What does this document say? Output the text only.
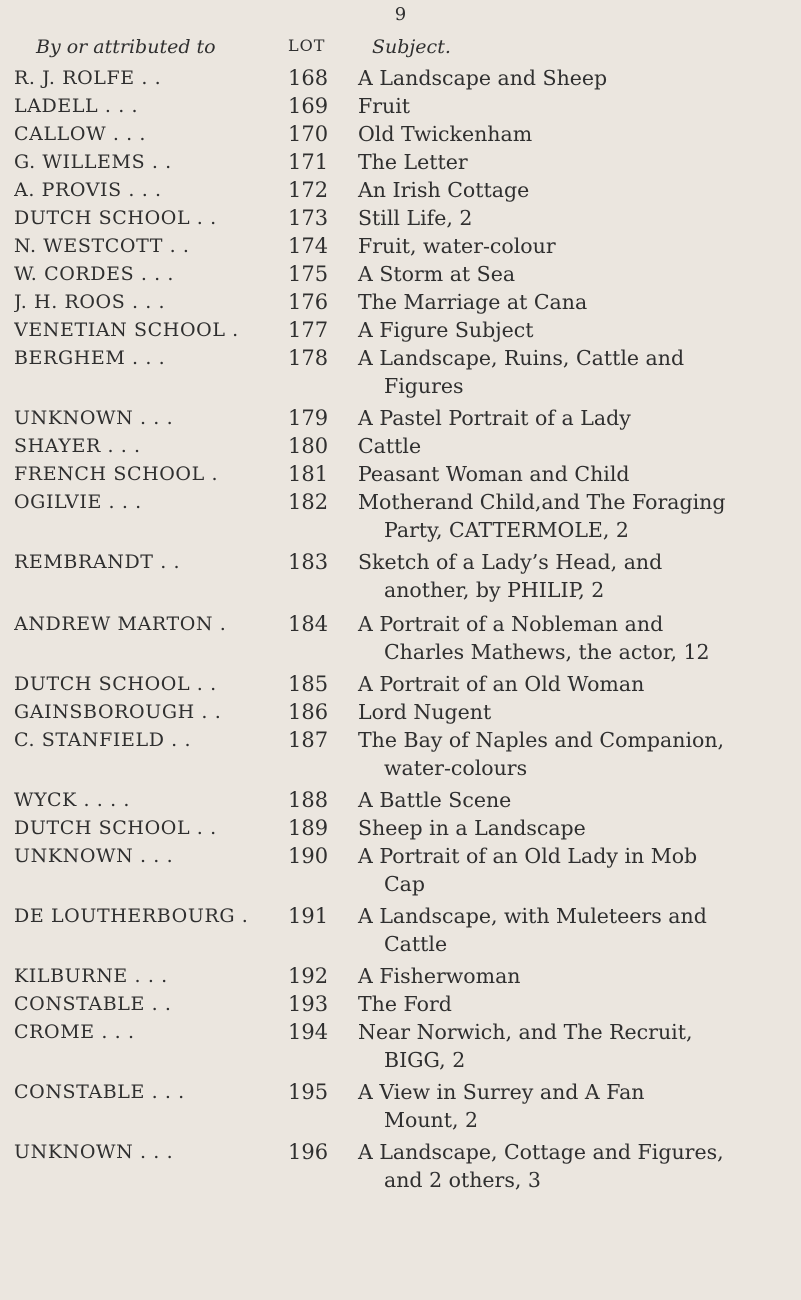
9
By or attributed to	LOT Subject.
R. J. ROLFE . .	168 A Landscape and Sheep
LADELL . . .	169 Fruit
CALLOW . . .	170 Old Twickenham
G. WILLEMS . .	171 The Letter
A. PROVIS . . .	172 An Irish Cottage
DUTCH SCHOOL . .	173 Still Life, 2
N. WESTCOTT . .	174 Fruit, water-colour
W. CORDES . . .	175 A Storm at Sea
J. H. ROOS . . .	176 The Marriage at Cana
VENETIAN SCHOOL .	177 A Figure Subject
BERGHEM . . .	178 A Landscape, Ruins, Cattle and
Figures
UNKNOWN . . .	179 A Pastel Portrait of a Lady
SHAYER . . .	180 Cattle
FRENCH SCHOOL .	181 Peasant Woman and Child
OGILVIE . . .	182 Motherand Child,and The Foraging
Party, CATTERMOLE, 2
REMBRANDT . .	183 Sketch of a Lady’s Head, and
another, by PHILIP, 2
ANDREW MARTON .	184 A Portrait of a Nobleman and
Charles Mathews, the actor, 12
DUTCH SCHOOL . .	185 A Portrait of an Old Woman
GAINSBOROUGH . .	186 Lord Nugent
C. STANFIELD . .	187 The Bay of Naples and Companion,
water-colours
WYCK . . . .	188 A Battle Scene
DUTCH SCHOOL . .	189 Sheep in a Landscape
UNKNOWN . . .	190 A Portrait of an Old Lady in Mob
Cap
DE LOUTHERBOURG .	191 A Landscape, with Muleteers and
Cattle
KILBURNE . . .	192 A Fisherwoman
CONSTABLE . .	193 The Ford
CROME . . .	194 Near Norwich, and The Recruit,
BIGG, 2
CONSTABLE . . .	195 A View in Surrey and A Fan
Mount, 2
UNKNOWN . . .	196 A Landscape, Cottage and Figures,
and 2 others, 3
